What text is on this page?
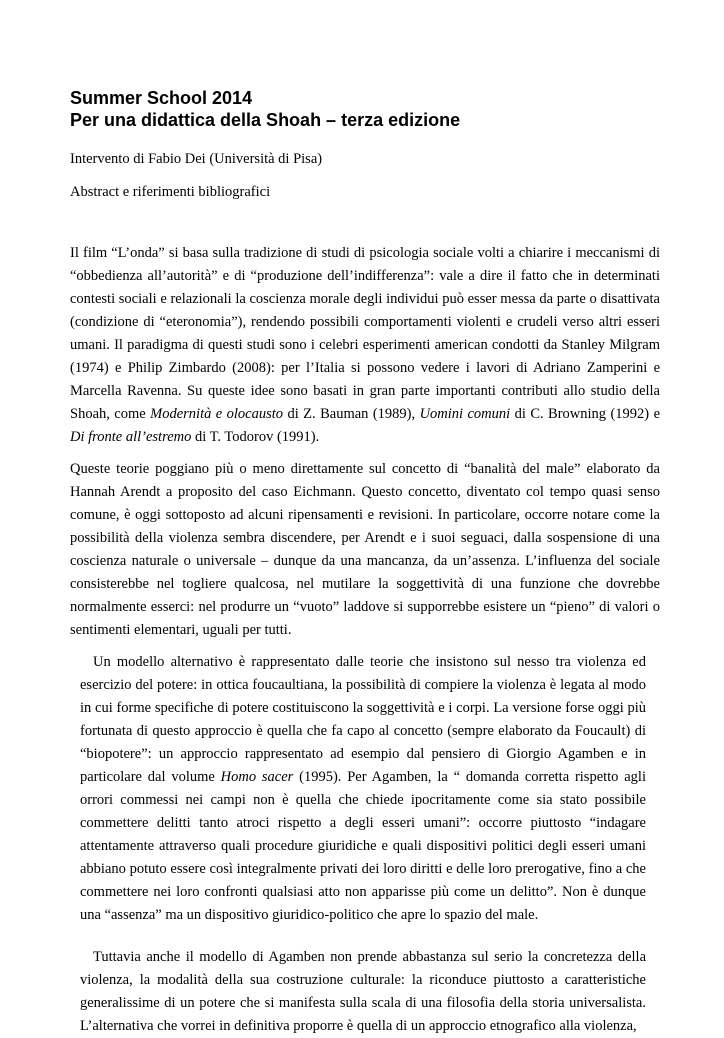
Summer School 2014
Per una didattica della Shoah – terza edizione
Intervento di Fabio Dei (Università di Pisa)
Abstract e riferimenti bibliografici

Il film “L’onda” si basa sulla tradizione di studi di psicologia sociale volti a chiarire i meccanismi di “obbedienza all’autorità” e di “produzione dell’indifferenza”: vale a dire il fatto che in determinati contesti sociali e relazionali la coscienza morale degli individui può esser messa da parte o disattivata (condizione di “eteronomia”), rendendo possibili comportamenti violenti e crudeli verso altri esseri umani. Il paradigma di questi studi sono i celebri esperimenti american condotti da Stanley Milgram (1974) e Philip Zimbardo (2008): per l’Italia si possono vedere i lavori di Adriano Zamperini e Marcella Ravenna. Su queste idee sono basati in gran parte importanti contributi allo studio della Shoah, come Modernità e olocausto di Z. Bauman (1989), Uomini comuni di C. Browning (1992) e Di fronte all’estremo di T. Todorov (1991).

Queste teorie poggiano più o meno direttamente sul concetto di “banalità del male” elaborato da Hannah Arendt a proposito del caso Eichmann. Questo concetto, diventato col tempo quasi senso comune, è oggi sottoposto ad alcuni ripensamenti e revisioni. In particolare, occorre notare come la possibilità della violenza sembra discendere, per Arendt e i suoi seguaci, dalla sospensione di una coscienza naturale o universale – dunque da una mancanza, da un’assenza. L’influenza del sociale consisterebbe nel togliere qualcosa, nel mutilare la soggettività di una funzione che dovrebbe normalmente esserci: nel produrre un “vuoto” laddove si supporrebbe esistere un “pieno” di valori o sentimenti elementari, uguali per tutti.

Un modello alternativo è rappresentato dalle teorie che insistono sul nesso tra violenza ed esercizio del potere: in ottica foucaultiana, la possibilità di compiere la violenza è legata al modo in cui forme specifiche di potere costituiscono la soggettività e i corpi. La versione forse oggi più fortunata di questo approccio è quella che fa capo al concetto (sempre elaborato da Foucault) di “biopotere”: un approccio rappresentato ad esempio dal pensiero di Giorgio Agamben e in particolare dal volume Homo sacer (1995). Per Agamben, la “ domanda corretta rispetto agli orrori commessi nei campi non è quella che chiede ipocritamente come sia stato possibile commettere delitti tanto atroci rispetto a degli esseri umani”: occorre piuttosto “indagare attentamente attraverso quali procedure giuridiche e quali dispositivi politici degli esseri umani abbiano potuto essere così integralmente privati dei loro diritti e delle loro prerogative, fino a che commettere nei loro confronti qualsiasi atto non apparisse più come un delitto”. Non è dunque una “assenza” ma un dispositivo giuridico-politico che apre lo spazio del male.

Tuttavia anche il modello di Agamben non prende abbastanza sul serio la concretezza della violenza, la modalità della sua costruzione culturale: la riconduce piuttosto a caratteristiche generalissime di un potere che si manifesta sulla scala di una filosofia della storia universalista. L’alternativa che vorrei in definitiva proporre è quella di un approccio etnografico alla violenza,
